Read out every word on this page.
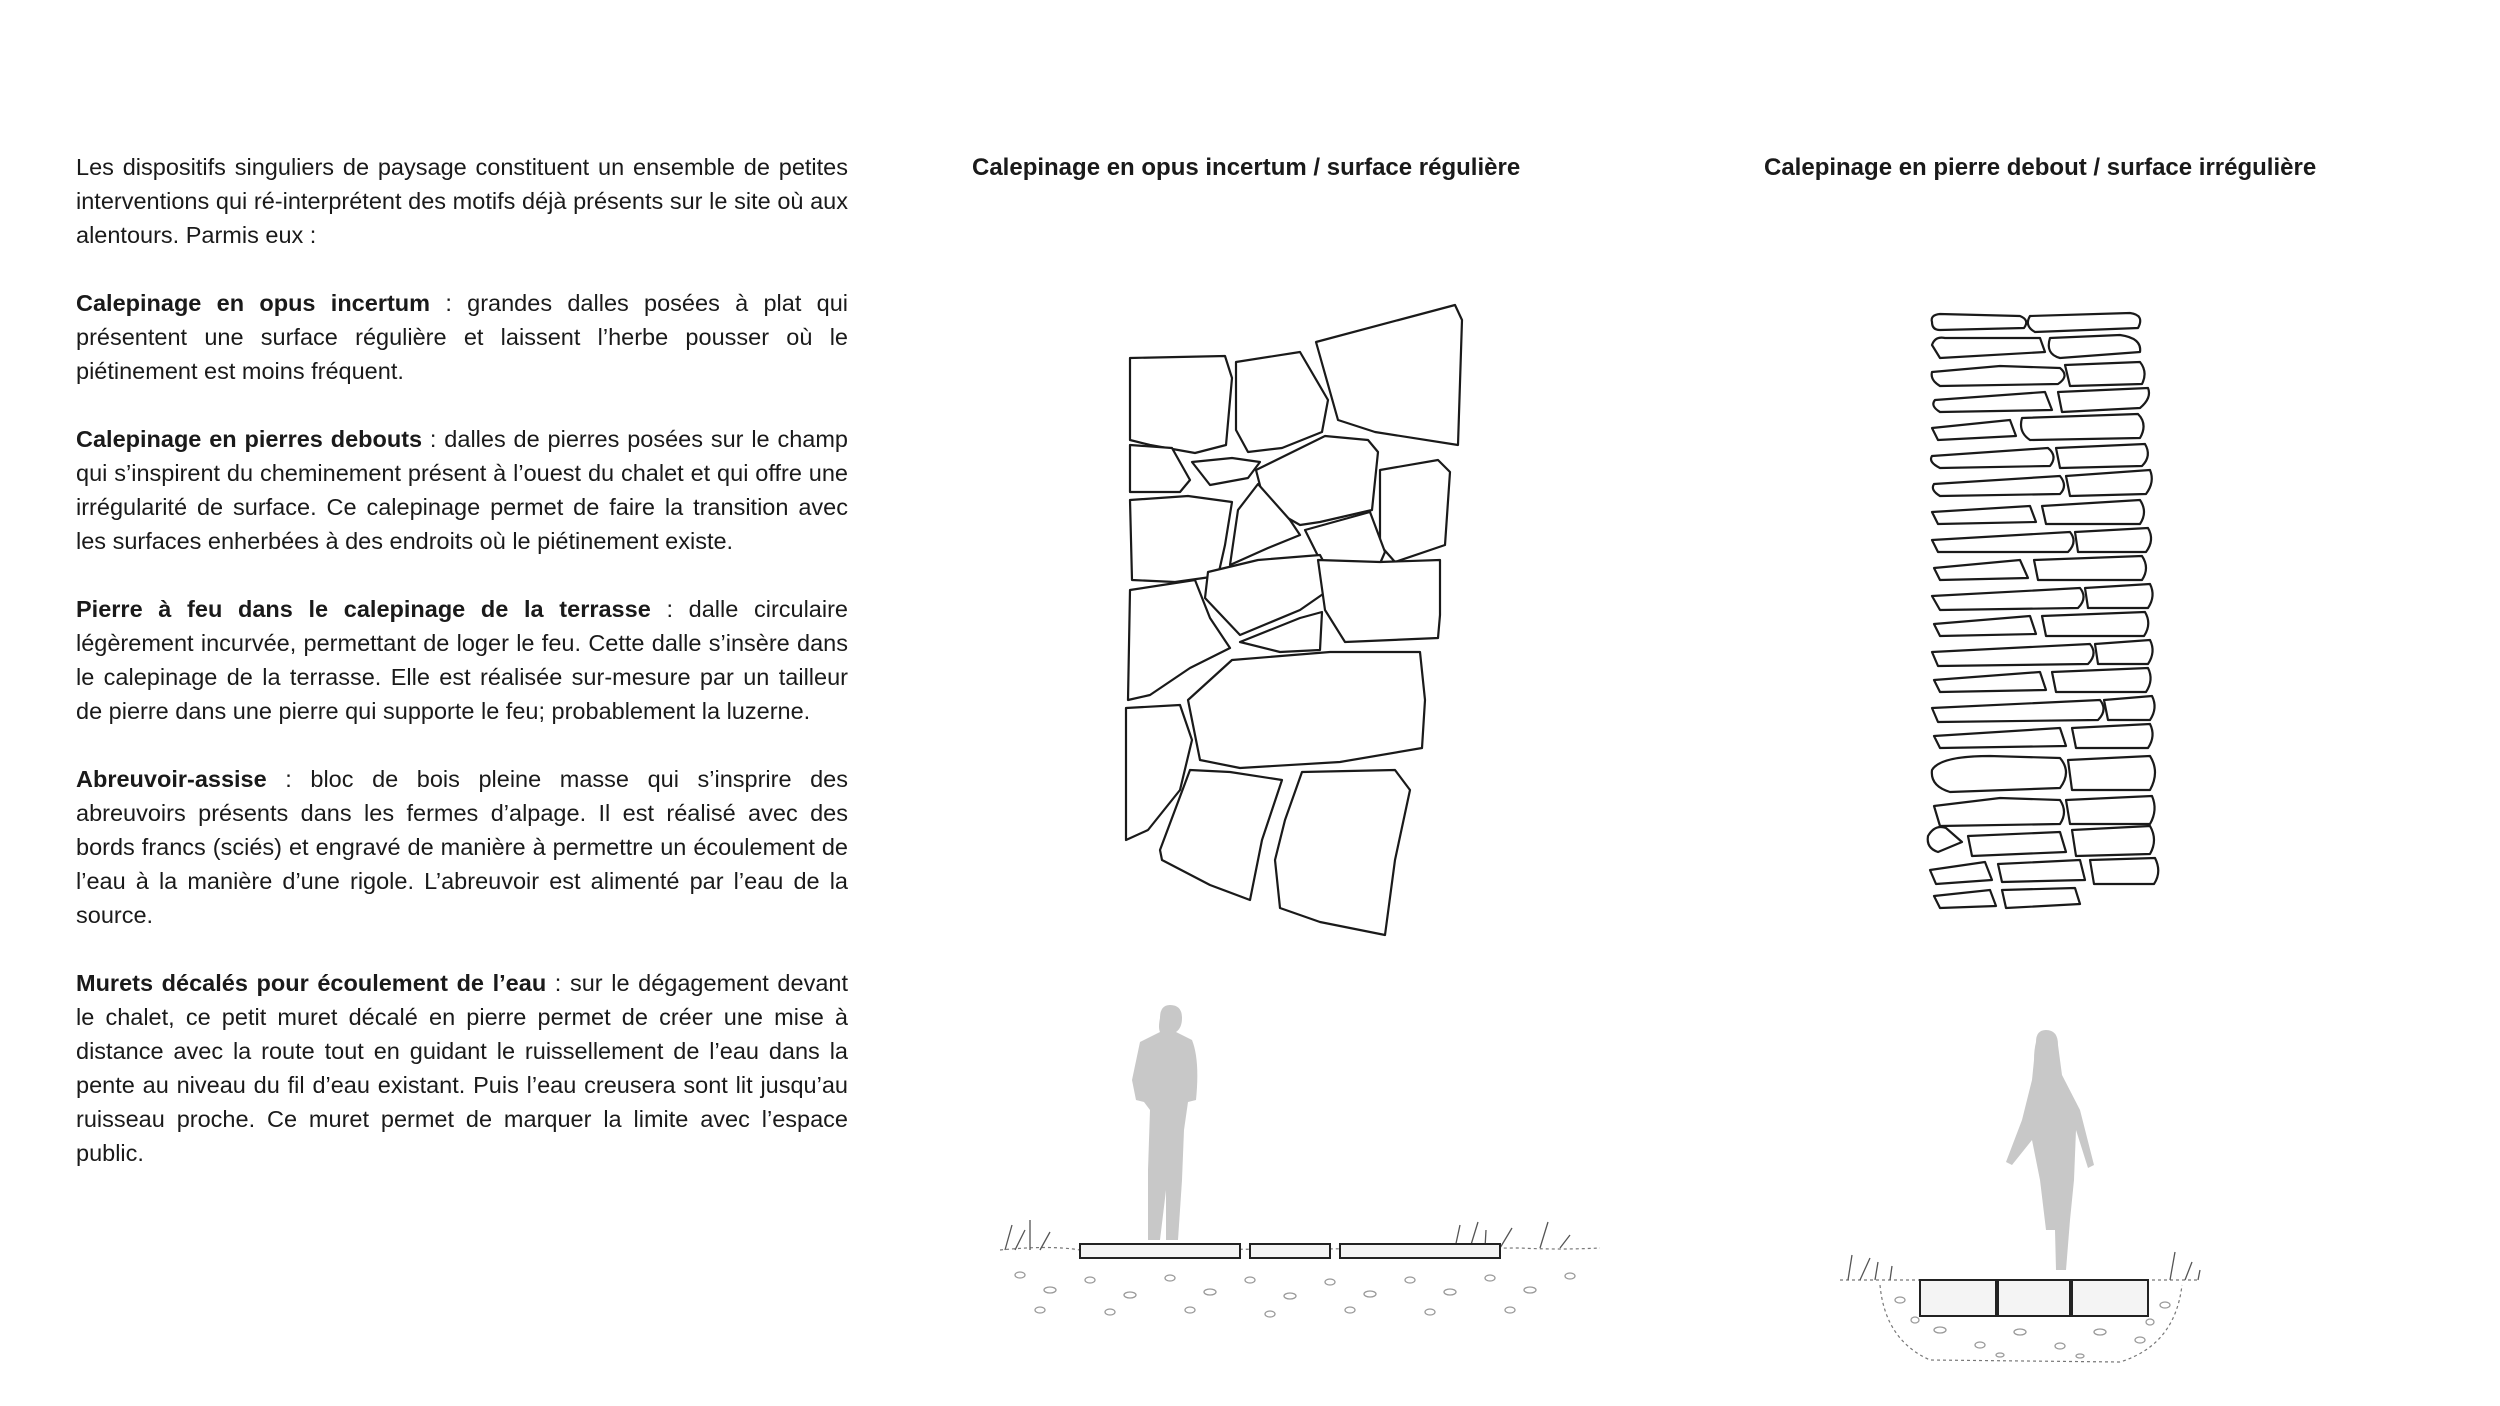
Les dispositifs singuliers de paysage constituent un ensemble de petites interventions qui ré-interprétent des motifs déjà présents sur le site où aux alentours. Parmis eux :

Calepinage en opus incertum : grandes dalles posées à plat qui présentent une surface régulière et laissent l’herbe pousser où le piétinement est moins fréquent.

Calepinage en pierres debouts : dalles de pierres posées sur le champ qui s’inspirent du cheminement présent à l’ouest du chalet et qui offre une irrégularité de surface. Ce calepinage permet de faire la transition avec les surfaces enherbées à des endroits où le piétinement existe.

Pierre à feu dans le calepinage de la terrasse : dalle circulaire légèrement incurvée, permettant de loger le feu. Cette dalle s’insère dans le calepinage de la terrasse. Elle est réalisée sur-mesure par un tailleur de pierre dans une pierre qui supporte le feu; probablement la luzerne.

Abreuvoir-assise : bloc de bois pleine masse qui s’insprire des abreuvoirs présents dans les fermes d’alpage. Il est réalisé avec des bords francs (sciés) et engravé de manière à permettre un écoulement de l’eau à la manière d’une rigole. L’abreuvoir est alimenté par l’eau de la source.

Murets décalés pour écoulement de l’eau : sur le dégagement devant le chalet, ce petit muret décalé en pierre permet de créer une mise à distance avec la route tout en guidant le ruissellement de l’eau dans la pente au niveau du fil d’eau existant. Puis l’eau creusera sont lit jusqu’au ruisseau proche. Ce muret permet de marquer la limite avec l’espace public.

Calepinage en opus incertum / surface régulière	Calepinage en pierre debout / surface irrégulière
